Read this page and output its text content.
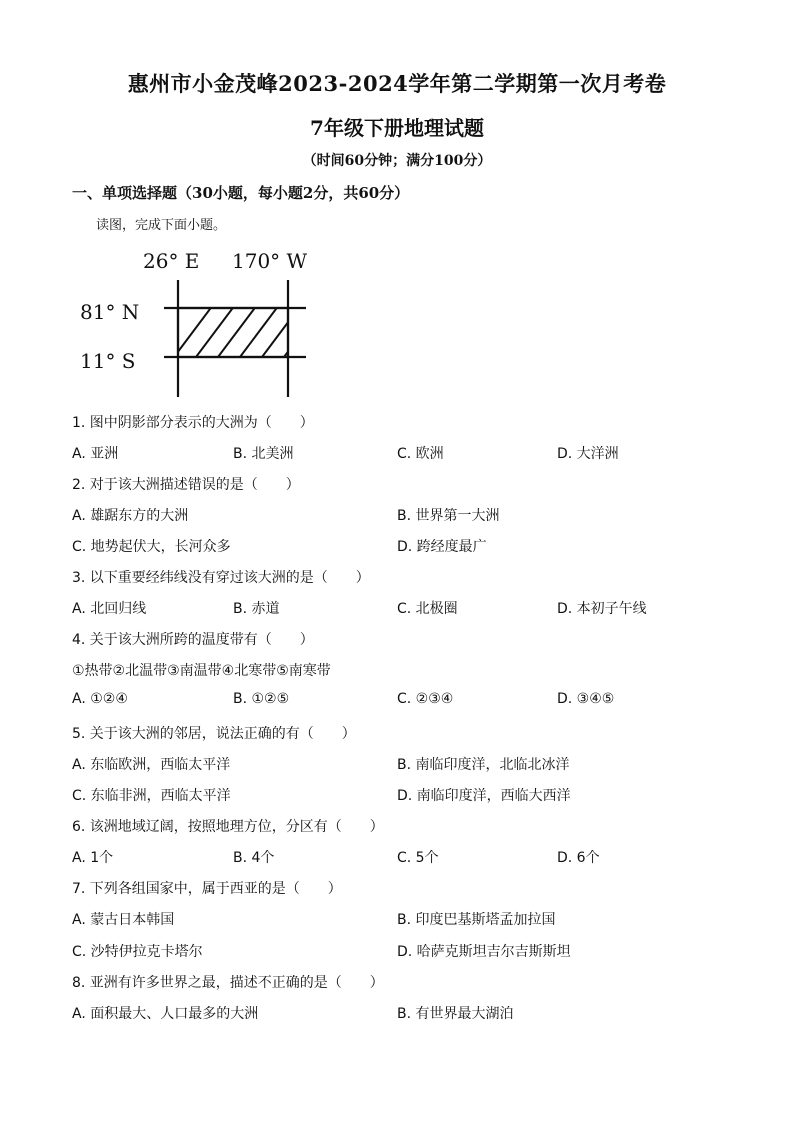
惠州市小金茂峰2023-2024学年第二学期第一次月考卷
7年级下册地理试题
（时间60分钟；满分100分）
一、单项选择题（30小题，每小题2分，共60分）
读图，完成下面小题。
26° E 170° W
81° N
11° S
1. 图中阴影部分表示的大洲为（　　）
A. 亚洲	B. 北美洲	C. 欧洲	D. 大洋洲
2. 对于该大洲描述错误的是（　　）
A. 雄踞东方的大洲	B. 世界第一大洲
C. 地势起伏大，长河众多	D. 跨经度最广
3. 以下重要经纬线没有穿过该大洲的是（　　）
A. 北回归线	B. 赤道	C. 北极圈	D. 本初子午线
4. 关于该大洲所跨的温度带有（　　）
①热带②北温带③南温带④北寒带⑤南寒带
A. ①②④	B. ①②⑤	C. ②③④	D. ③④⑤
5. 关于该大洲的邻居，说法正确的有（　　）
A. 东临欧洲，西临太平洋	B. 南临印度洋，北临北冰洋
C. 东临非洲，西临太平洋	D. 南临印度洋，西临大西洋
6. 该洲地域辽阔，按照地理方位，分区有（　　）
A. 1个	B. 4个	C. 5个	D. 6个
7. 下列各组国家中，属于西亚的是（　　）
A. 蒙古日本韩国	B. 印度巴基斯塔孟加拉国
C. 沙特伊拉克卡塔尔	D. 哈萨克斯坦吉尔吉斯斯坦
8. 亚洲有许多世界之最，描述不正确的是（　　）
A. 面积最大、人口最多的大洲	B. 有世界最大湖泊
